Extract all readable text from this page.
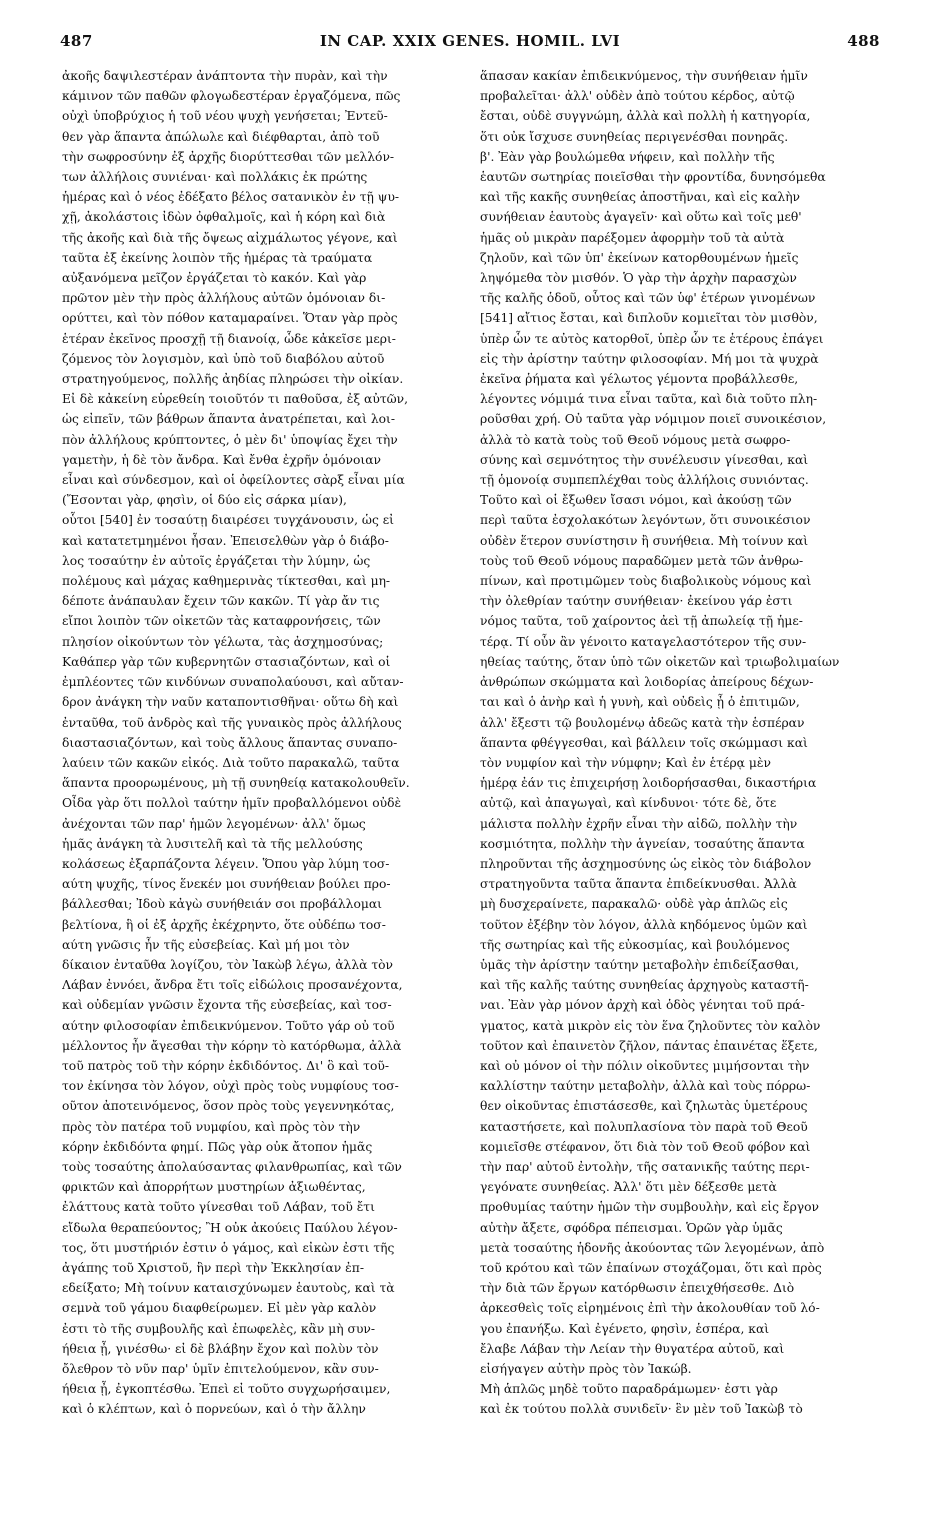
487	IN CAP. XXIX GENES. HOMIL. LVI	488
ἀκοῆς δαψιλεστέραν ἀνάπτοντα τὴν πυρὰν, καὶ τὴν
κάμινον τῶν παθῶν φλογωδεστέραν ἐργαζόμενα, πῶς
οὐχὶ ὑποβρύχιος ἡ τοῦ νέου ψυχὴ γενήσεται; Ἐντεῦ-
θεν γὰρ ἅπαντα ἀπώλωλε καὶ διέφθαρται, ἀπὸ τοῦ
τὴν σωφροσύνην ἐξ ἀρχῆς διορύττεσθαι τῶν μελλόν-
των ἀλλήλοις συνιέναι· καὶ πολλάκις ἐκ πρώτης
ἡμέρας καὶ ὁ νέος ἐδέξατο βέλος σατανικὸν ἐν τῇ ψυ-
χῇ, ἀκολάστοις ἰδὼν ὀφθαλμοῖς, καὶ ἡ κόρη καὶ διὰ
τῆς ἀκοῆς καὶ διὰ τῆς ὄψεως αἰχμάλωτος γέγονε, καὶ
ταῦτα ἐξ ἐκείνης λοιπὸν τῆς ἡμέρας τὰ τραύματα
αὐξανόμενα μεῖζον ἐργάζεται τὸ κακόν. Καὶ γὰρ
πρῶτον μὲν τὴν πρὸς ἀλλήλους αὐτῶν ὁμόνοιαν δι-
ορύττει, καὶ τὸν πόθον καταμαραίνει. Ὅταν γὰρ πρὸς
ἑτέραν ἐκεῖνος προσχῇ τῇ διανοίᾳ, ὧδε κἀκεῖσε μερι-
ζόμενος τὸν λογισμὸν, καὶ ὑπὸ τοῦ διαβόλου αὐτοῦ
στρατηγούμενος, πολλῆς ἀηδίας πληρώσει τὴν οἰκίαν.
Εἰ δὲ κἀκείνη εὑρεθείη τοιοῦτόν τι παθοῦσα, ἐξ αὐτῶν,
ὡς εἰπεῖν, τῶν βάθρων ἅπαντα ἀνατρέπεται, καὶ λοι-
πὸν ἀλλήλους κρύπτοντες, ὁ μὲν δι' ὑποψίας ἔχει τὴν
γαμετὴν, ἡ δὲ τὸν ἄνδρα. Καὶ ἔνθα ἐχρῆν ὁμόνοιαν
εἶναι καὶ σύνδεσμον, καὶ οἱ ὀφείλοντες σὰρξ εἶναι μία
(Ἔσονται γὰρ, φησὶν, οἱ δύο εἰς σάρκα μίαν),
οὗτοι [540] ἐν τοσαύτῃ διαιρέσει τυγχάνουσιν, ὡς εἰ
καὶ κατατετμημένοι ἦσαν. Ἐπεισελθὼν γὰρ ὁ διάβο-
λος τοσαύτην ἐν αὐτοῖς ἐργάζεται τὴν λύμην, ὡς
πολέμους καὶ μάχας καθημερινὰς τίκτεσθαι, καὶ μη-
δέποτε ἀνάπαυλαν ἔχειν τῶν κακῶν. Τί γὰρ ἄν τις
εἴποι λοιπὸν τῶν οἰκετῶν τὰς καταφρονήσεις, τῶν
πλησίον οἰκούντων τὸν γέλωτα, τὰς ἀσχημοσύνας;
Καθάπερ γὰρ τῶν κυβερνητῶν στασιαζόντων, καὶ οἱ
ἐμπλέοντες τῶν κινδύνων συναπολαύουσι, καὶ αὔταν-
δρον ἀνάγκη τὴν ναῦν καταποντισθῆναι· οὕτω δὴ καὶ
ἐνταῦθα, τοῦ ἀνδρὸς καὶ τῆς γυναικὸς πρὸς ἀλλήλους
διαστασιαζόντων, καὶ τοὺς ἄλλους ἅπαντας συναπο-
λαύειν τῶν κακῶν εἰκός. Διὰ τοῦτο παρακαλῶ, ταῦτα
ἅπαντα προορωμένους, μὴ τῇ συνηθείᾳ κατακολουθεῖν.
Οἶδα γὰρ ὅτι πολλοὶ ταύτην ἡμῖν προβαλλόμενοι οὐδὲ
ἀνέχονται τῶν παρ' ἡμῶν λεγομένων· ἀλλ' ὅμως
ἡμᾶς ἀνάγκη τὰ λυσιτελῆ καὶ τὰ τῆς μελλούσης
κολάσεως ἐξαρπάζοντα λέγειν. Ὅπου γὰρ λύμη τοσ-
αύτη ψυχῆς, τίνος ἕνεκέν μοι συνήθειαν βούλει προ-
βάλλεσθαι; Ἰδοὺ κἀγὼ συνήθειάν σοι προβάλλομαι
βελτίονα, ἣ οἱ ἐξ ἀρχῆς ἐκέχρηντο, ὅτε οὐδέπω τοσ-
αύτη γνῶσις ἦν τῆς εὐσεβείας. Καὶ μή μοι τὸν
δίκαιον ἐνταῦθα λογίζου, τὸν Ἰακὼβ λέγω, ἀλλὰ τὸν
Λάβαν ἐννόει, ἄνδρα ἔτι τοῖς εἰδώλοις προσανέχοντα,
καὶ οὐδεμίαν γνῶσιν ἔχοντα τῆς εὐσεβείας, καὶ τοσ-
αύτην φιλοσοφίαν ἐπιδεικνύμενον. Τοῦτο γάρ οὐ τοῦ
μέλλοντος ἦν ἄγεσθαι τὴν κόρην τὸ κατόρθωμα, ἀλλὰ
τοῦ πατρὸς τοῦ τὴν κόρην ἐκδιδόντος. Δι' ὃ καὶ τοῦ-
τον ἐκίνησα τὸν λόγον, οὐχὶ πρὸς τοὺς νυμφίους τοσ-
οῦτον ἀποτεινόμενος, ὅσον πρὸς τοὺς γεγεννηκότας,
πρὸς τὸν πατέρα τοῦ νυμφίου, καὶ πρὸς τὸν τὴν
κόρην ἐκδιδόντα φημί. Πῶς γὰρ οὐκ ἄτοπον ἡμᾶς
τοὺς τοσαύτης ἀπολαύσαντας φιλανθρωπίας, καὶ τῶν
φρικτῶν καὶ ἀπορρήτων μυστηρίων ἀξιωθέντας,
ἐλάττους κατὰ τοῦτο γίνεσθαι τοῦ Λάβαν, τοῦ ἔτι
εἴδωλα θεραπεύοντος; Ἢ οὐκ ἀκούεις Παύλου λέγον-
τος, ὅτι μυστήριόν ἐστιν ὁ γάμος, καὶ εἰκὼν ἐστι τῆς
ἀγάπης τοῦ Χριστοῦ, ἣν περὶ τὴν Ἐκκλησίαν ἐπ-
εδείξατο; Μὴ τοίνυν καταισχύνωμεν ἑαυτοὺς, καὶ τὰ
σεμνὰ τοῦ γάμου διαφθείρωμεν. Εἰ μὲν γὰρ καλὸν
ἐστι τὸ τῆς συμβουλῆς καὶ ἐπωφελὲς, κἂν μὴ συν-
ήθεια ᾖ, γινέσθω· εἰ δὲ βλάβην ἔχον καὶ πολὺν τὸν
ὄλεθρον τὸ νῦν παρ' ὑμῖν ἐπιτελούμενον, κἂν συν-
ήθεια ᾖ, ἐγκοπτέσθω. Ἐπεὶ εἰ τοῦτο συγχωρήσαιμεν,
καὶ ὁ κλέπτων, καὶ ὁ πορνεύων, καὶ ὁ τὴν ἄλλην
ἅπασαν κακίαν ἐπιδεικνύμενος, τὴν συνήθειαν ἡμῖν
προβαλεῖται· ἀλλ' οὐδὲν ἀπὸ τούτου κέρδος, αὐτῷ
ἔσται, οὐδὲ συγγνώμη, ἀλλὰ καὶ πολλὴ ἡ κατηγορία,
ὅτι οὐκ ἴσχυσε συνηθείας περιγενέσθαι πονηρᾶς.
β'. Ἐὰν γὰρ βουλώμεθα νήφειν, καὶ πολλὴν τῆς
ἑαυτῶν σωτηρίας ποιεῖσθαι τὴν φροντίδα, δυνησόμεθα
καὶ τῆς κακῆς συνηθείας ἀποστῆναι, καὶ εἰς καλὴν
συνήθειαν ἑαυτοὺς ἀγαγεῖν· καὶ οὕτω καὶ τοῖς μεθ'
ἡμᾶς οὐ μικρὰν παρέξομεν ἀφορμὴν τοῦ τὰ αὐτὰ
ζηλοῦν, καὶ τῶν ὑπ' ἐκείνων κατορθουμένων ἡμεῖς
ληψόμεθα τὸν μισθόν. Ὁ γὰρ τὴν ἀρχὴν παρασχὼν
τῆς καλῆς ὁδοῦ, οὗτος καὶ τῶν ὑφ' ἑτέρων γινομένων
[541] αἴτιος ἔσται, καὶ διπλοῦν κομιεῖται τὸν μισθὸν,
ὑπὲρ ὧν τε αὐτὸς κατορθοῖ, ὑπὲρ ὧν τε ἑτέρους ἐπάγει
εἰς τὴν ἀρίστην ταύτην φιλοσοφίαν. Μή μοι τὰ ψυχρὰ
ἐκεῖνα ῥήματα καὶ γέλωτος γέμοντα προβάλλεσθε,
λέγοντες νόμιμά τινα εἶναι ταῦτα, καὶ διὰ τοῦτο πλη-
ροῦσθαι χρή. Οὐ ταῦτα γὰρ νόμιμον ποιεῖ συνοικέσιον,
ἀλλὰ τὸ κατὰ τοὺς τοῦ Θεοῦ νόμους μετὰ σωφρο-
σύνης καὶ σεμνότητος τὴν συνέλευσιν γίνεσθαι, καὶ
τῇ ὁμονοίᾳ συμπεπλέχθαι τοὺς ἀλλήλοις συνιόντας.
Τοῦτο καὶ οἱ ἔξωθεν ἴσασι νόμοι, καὶ ἀκούσῃ τῶν
περὶ ταῦτα ἐσχολακότων λεγόντων, ὅτι συνοικέσιον
οὐδὲν ἕτερον συνίστησιν ἢ συνήθεια. Μὴ τοίνυν καὶ
τοὺς τοῦ Θεοῦ νόμους παραδῶμεν μετὰ τῶν ἀνθρω-
πίνων, καὶ προτιμῶμεν τοὺς διαβολικοὺς νόμους καὶ
τὴν ὀλεθρίαν ταύτην συνήθειαν· ἐκείνου γάρ ἐστι
νόμος ταῦτα, τοῦ χαίροντος ἀεὶ τῇ ἀπωλείᾳ τῇ ἡμε-
τέρᾳ. Τί οὖν ἂν γένοιτο καταγελαστότερον τῆς συν-
ηθείας ταύτης, ὅταν ὑπὸ τῶν οἰκετῶν καὶ τριωβολιμαίων
ἀνθρώπων σκώμματα καὶ λοιδορίας ἀπείρους δέχων-
ται καὶ ὁ ἀνὴρ καὶ ἡ γυνὴ, καὶ οὐδεὶς ᾖ ὁ ἐπιτιμῶν,
ἀλλ' ἔξεστι τῷ βουλομένῳ ἀδεῶς κατὰ τὴν ἑσπέραν
ἅπαντα φθέγγεσθαι, καὶ βάλλειν τοῖς σκώμμασι καὶ
τὸν νυμφίον καὶ τὴν νύμφην; Καὶ ἐν ἑτέρᾳ μὲν
ἡμέρᾳ ἐάν τις ἐπιχειρήσῃ λοιδορήσασθαι, δικαστήρια
αὐτῷ, καὶ ἀπαγωγαὶ, καὶ κίνδυνοι· τότε δὲ, ὅτε
μάλιστα πολλὴν ἐχρῆν εἶναι τὴν αἰδῶ, πολλὴν τὴν
κοσμιότητα, πολλὴν τὴν ἁγνείαν, τοσαύτης ἅπαντα
πληροῦνται τῆς ἀσχημοσύνης ὡς εἰκὸς τὸν διάβολον
στρατηγοῦντα ταῦτα ἅπαντα ἐπιδείκνυσθαι. Ἀλλὰ
μὴ δυσχεραίνετε, παρακαλῶ· οὐδὲ γὰρ ἁπλῶς εἰς
τοῦτον ἐξέβην τὸν λόγον, ἀλλὰ κηδόμενος ὑμῶν καὶ
τῆς σωτηρίας καὶ τῆς εὐκοσμίας, καὶ βουλόμενος
ὑμᾶς τὴν ἀρίστην ταύτην μεταβολὴν ἐπιδείξασθαι,
καὶ τῆς καλῆς ταύτης συνηθείας ἀρχηγοὺς καταστῆ-
ναι. Ἐὰν γὰρ μόνον ἀρχὴ καὶ ὁδὸς γένηται τοῦ πρά-
γματος, κατὰ μικρὸν εἰς τὸν ἕνα ζηλοῦντες τὸν καλὸν
τοῦτον καὶ ἐπαινετὸν ζῆλον, πάντας ἐπαινέτας ἕξετε,
καὶ οὐ μόνον οἱ τὴν πόλιν οἰκοῦντες μιμήσονται τὴν
καλλίστην ταύτην μεταβολὴν, ἀλλὰ καὶ τοὺς πόρρω-
θεν οἰκοῦντας ἐπιστάσεσθε, καὶ ζηλωτὰς ὑμετέρους
καταστήσετε, καὶ πολυπλασίονα τὸν παρὰ τοῦ Θεοῦ
κομιεῖσθε στέφανον, ὅτι διὰ τὸν τοῦ Θεοῦ φόβον καὶ
τὴν παρ' αὐτοῦ ἐντολὴν, τῆς σατανικῆς ταύτης περι-
γεγόνατε συνηθείας. Ἀλλ' ὅτι μὲν δέξεσθε μετὰ
προθυμίας ταύτην ἡμῶν τὴν συμβουλὴν, καὶ εἰς ἔργον
αὐτὴν ἄξετε, σφόδρα πέπεισμαι. Ὁρῶν γὰρ ὑμᾶς
μετὰ τοσαύτης ἡδονῆς ἀκούοντας τῶν λεγομένων, ἀπὸ
τοῦ κρότου καὶ τῶν ἐπαίνων στοχάζομαι, ὅτι καὶ πρὸς
τὴν διὰ τῶν ἔργων κατόρθωσιν ἐπειχθήσεσθε. Διὸ
ἀρκεσθεὶς τοῖς εἰρημένοις ἐπὶ τὴν ἀκολουθίαν τοῦ λό-
γου ἐπανήξω. Καὶ ἐγένετο, φησὶν, ἑσπέρα, καὶ
ἔλαβε Λάβαν τὴν Λείαν τὴν θυγατέρα αὐτοῦ, καὶ
εἰσήγαγεν αὐτὴν πρὸς τὸν Ἰακώβ.
Μὴ ἁπλῶς μηδὲ τοῦτο παραδράμωμεν· ἐστι γὰρ
καὶ ἐκ τούτου πολλὰ συνιδεῖν· ἓν μὲν τοῦ Ἰακὼβ τὸ
